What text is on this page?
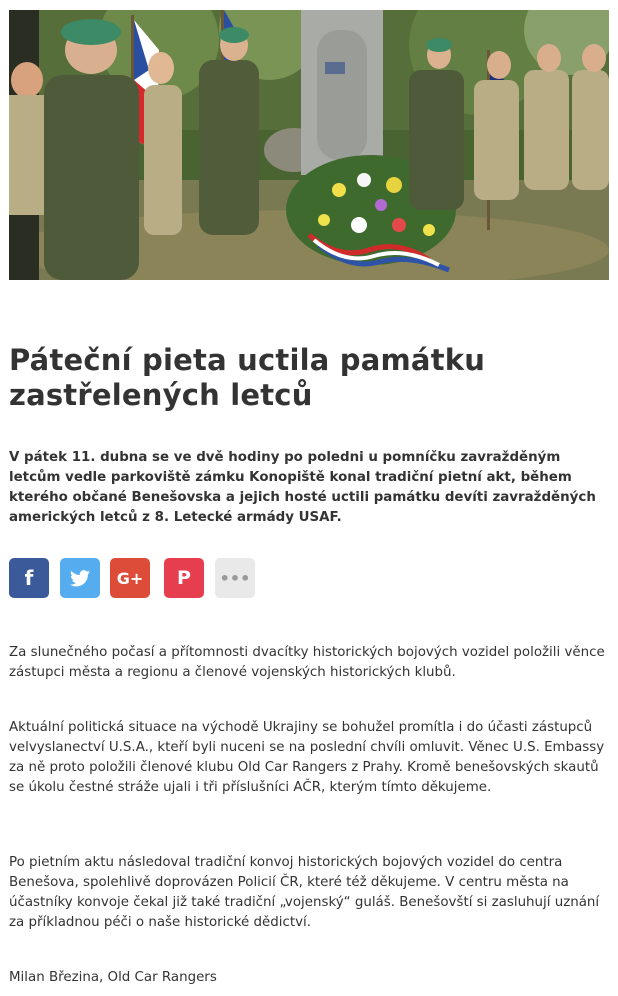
Páteční pieta uctila památku zastřelených letců

V pátek 11. dubna se ve dvě hodiny po poledni u pomníčku zavražděným letcům vedle parkoviště zámku Konopiště konal tradiční pietní akt, během kterého občané Benešovska a jejich hosté uctili památku devíti zavražděných amerických letců z 8. Letecké armády USAF.

f	G+ P •••

Za slunečného počasí a přítomnosti dvacítky historických bojových vozidel položili věnce zástupci města a regionu a členové vojenských historických klubů.

Aktuální politická situace na východě Ukrajiny se bohužel promítla i do účasti zástupců velvyslanectví U.S.A., kteří byli nuceni se na poslední chvíli omluvit. Věnec U.S. Embassy za ně proto položili členové klubu Old Car Rangers z Prahy. Kromě benešovských skautů se úkolu čestné stráže ujali i tři příslušníci AČR, kterým tímto děkujeme.

Po pietním aktu následoval tradiční konvoj historických bojových vozidel do centra Benešova, spolehlivě doprovázen Policií ČR, které též děkujeme. V centru města na účastníky konvoje čekal již také tradiční „vojenský“ guláš. Benešovští si zasluhují uznání za příkladnou péči o naše historické dědictví.

Milan Březina, Old Car Rangers
